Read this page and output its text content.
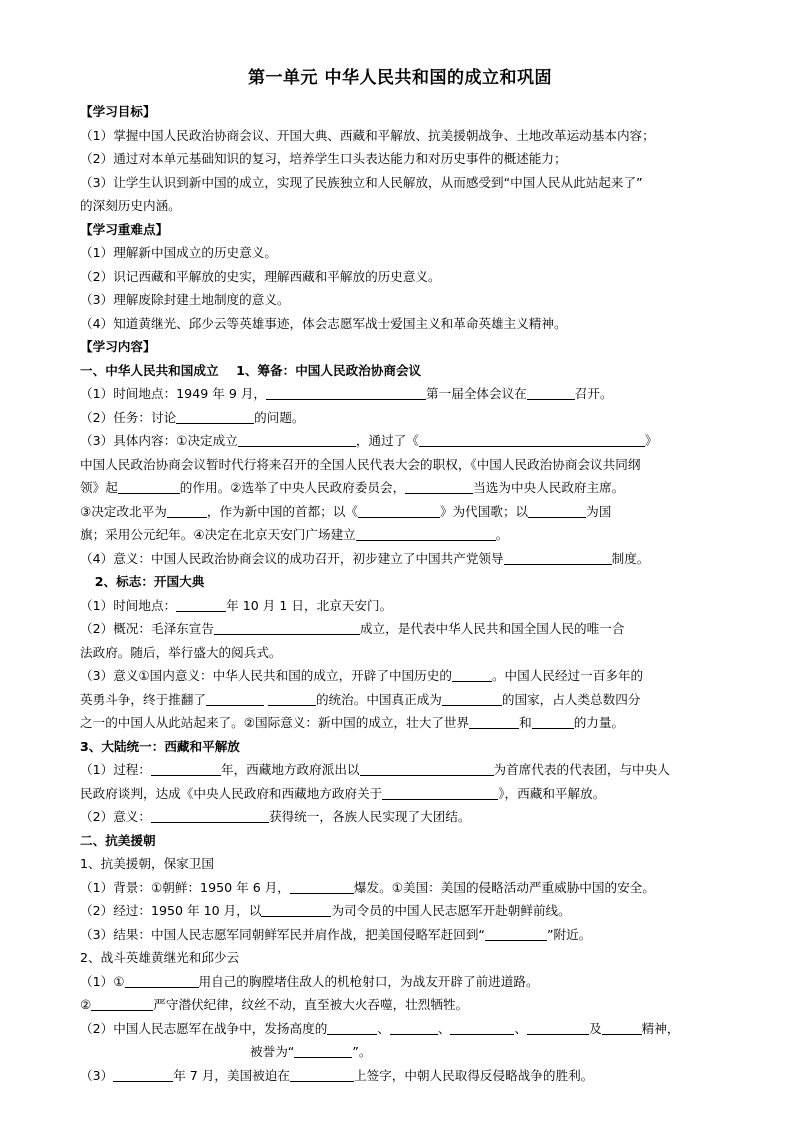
第一单元 中华人民共和国的成立和巩固
【学习目标】
（1）掌握中国人民政治协商会议、开国大典、西藏和平解放、抗美援朝战争、土地改革运动基本内容；
（2）通过对本单元基础知识的复习，培养学生口头表达能力和对历史事件的概述能力；
（3）让学生认识到新中国的成立，实现了民族独立和人民解放，从而感受到“中国人民从此站起来了”
的深刻历史内涵。
【学习重难点】
（1）理解新中国成立的历史意义。
（2）识记西藏和平解放的史实，理解西藏和平解放的历史意义。
（3）理解废除封建土地制度的意义。
（4）知道黄继光、邱少云等英雄事迹，体会志愿军战士爱国主义和革命英雄主义精神。
【学习内容】
一、中华人民共和国成立    1、筹备：中国人民政治协商会议
（1）时间地点：1949 年 9 月，	第一届全体会议在	召开。
（2）任务：讨论	的问题。
（3）具体内容：①决定成立	，通过了《	》
中国人民政治协商会议暂时代行将来召开的全国人民代表大会的职权，《中国人民政治协商会议共同纲
领》起	的作用。②选举了中央人民政府委员会，	当选为中央人民政府主席。
③决定改北平为	，作为新中国的首都；以《	》为代国歌；以	为国
旗；采用公元纪年。④决定在北京天安门广场建立	。
（4）意义：中国人民政治协商会议的成功召开，初步建立了中国共产党领导	制度。
2、标志：开国大典
（1）时间地点：	年 10 月 1 日，北京天安门。
（2）概况：毛泽东宣告	成立，是代表中华人民共和国全国人民的唯一合
法政府。随后，举行盛大的阅兵式。
（3）意义①国内意义：中华人民共和国的成立，开辟了中国历史的	。中国人民经过一百多年的
英勇斗争，终于推翻了	的统治。中国真正成为	的国家，占人类总数四分
之一的中国人从此站起来了。②国际意义：新中国的成立，壮大了世界	和	的力量。
3、大陆统一：西藏和平解放
（1）过程：	年，西藏地方政府派出以	为首席代表的代表团，与中央人
民政府谈判，达成《中央人民政府和西藏地方政府关于	》，西藏和平解放。
（2）意义：	获得统一，各族人民实现了大团结。
二、抗美援朝
1、抗美援朝，保家卫国
（1）背景：①朝鲜：1950 年 6 月，	爆发。①美国：美国的侵略活动严重威胁中国的安全。
（2）经过：1950 年 10 月，以	为司令员的中国人民志愿军开赴朝鲜前线。
（3）结果：中国人民志愿军同朝鲜军民并肩作战，把美国侵略军赶回到“	”附近。
2、战斗英雄黄继光和邱少云
（1）①	用自己的胸膛堵住敌人的机枪射口，为战友开辟了前进道路。
②	严守潜伏纪律，纹丝不动，直至被大火吞噬，壮烈牺牲。
（2）中国人民志愿军在战争中，发扬高度的	、	、	、	及	精神，
被誉为“	”。
（3）	年 7 月，美国被迫在	上签字，中朝人民取得反侵略战争的胜利。
